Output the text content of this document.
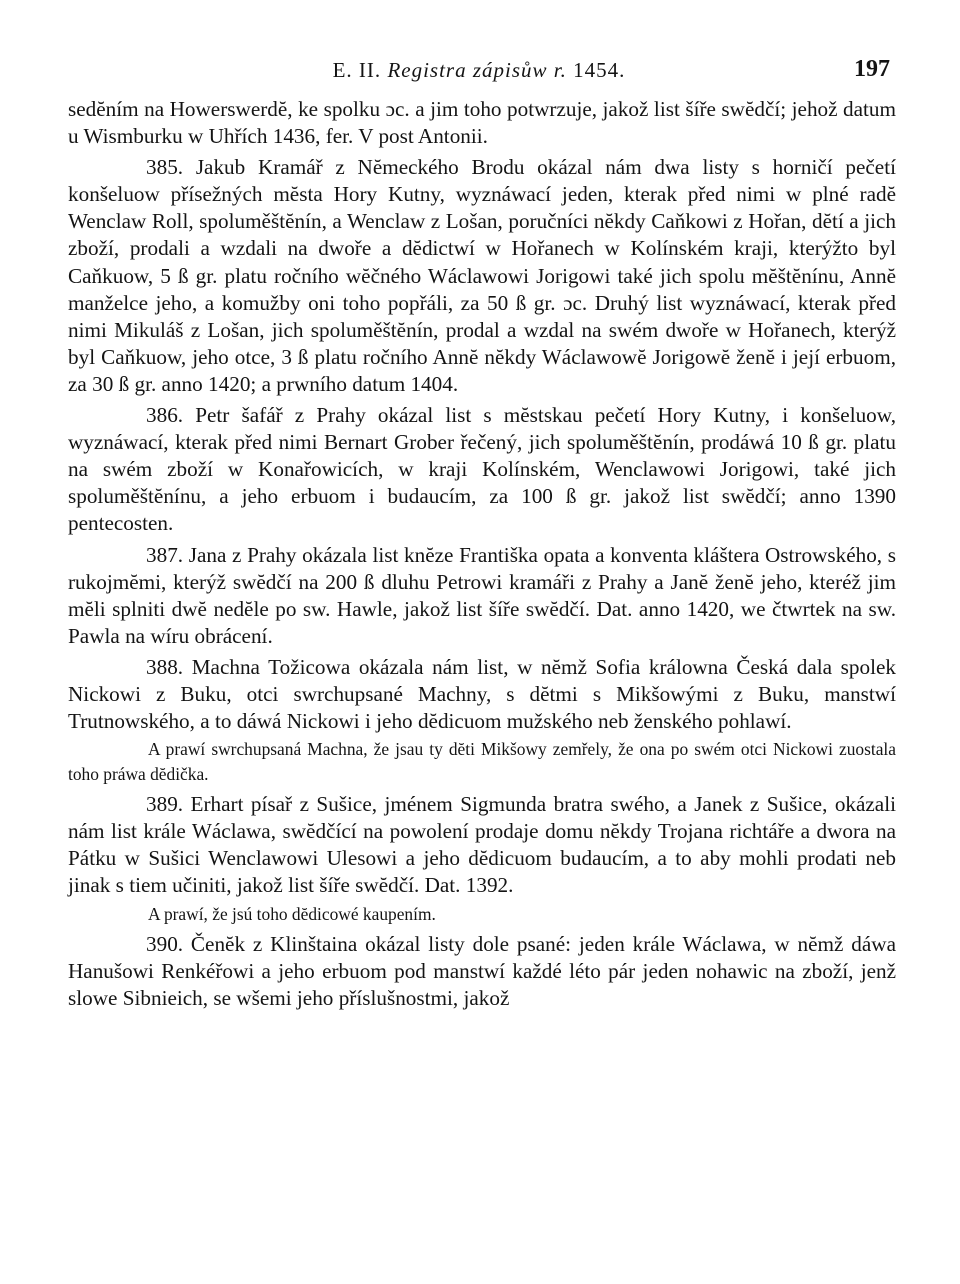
E. II. Registra zápisůw r. 1454.	197

sedĕním na Howerswerdĕ, ke spolku ɔc. a jim toho potwrzuje, jakož list šíře swĕdčí; jehož datum u Wismburku w Uhřích 1436, fer. V post Antonii.

385. Jakub Kramář z Nĕmeckého Brodu okázal nám dwa listy s horničí pečetí konšeluow přísežných mĕsta Hory Kutny, wyznáwací jeden, kterak před nimi w plné radĕ Wenclaw Roll, spoluměštĕnín, a Wenclaw z Lošan, poručníci nĕkdy Caňkowi z Hořan, dĕtí a jich zboží, prodali a wzdali na dwoře a dĕdictwí w Hořanech w Kolínském kraji, kterýžto byl Caňkuow, 5 ß gr. platu ročního wĕčného Wáclawowi Jorigowi také jich spolu mĕštĕnínu, Annĕ manželce jeho, a komužby oni toho popřáli, za 50 ß gr. ɔc. Druhý list wyznáwací, kterak před nimi Mikuláš z Lošan, jich spoluměštĕnín, prodal a wzdal na swém dwoře w Hořanech, kterýž byl Caňkuow, jeho otce, 3 ß platu ročního Annĕ nĕkdy Wáclawowĕ Jorigowĕ ženĕ i její erbuom, za 30 ß gr. anno 1420; a prwního datum 1404.

386. Petr šafář z Prahy okázal list s mĕstskau pečetí Hory Kutny, i konšeluow, wyznáwací, kterak před nimi Bernart Grober řečený, jich spoluměštĕnín, prodáwá 10 ß gr. platu na swém zboží w Konařowicích, w kraji Kolínském, Wenclawowi Jorigowi, také jich spoluměštĕnínu, a jeho erbuom i budaucím, za 100 ß gr. jakož list swĕdčí; anno 1390 pentecosten.

387. Jana z Prahy okázala list knĕze Františka opata a konventa kláštera Ostrowského, s rukojmĕmi, kterýž swĕdčí na 200 ß dluhu Petrowi kramáři z Prahy a Janĕ ženĕ jeho, kteréž jim mĕli splniti dwĕ nedĕle po sw. Hawle, jakož list šíře swĕdčí. Dat. anno 1420, we čtwrtek na sw. Pawla na wíru obrácení.

388. Machna Tožicowa okázala nám list, w nĕmž Sofia králowna Česká dala spolek Nickowi z Buku, otci swrchupsané Machny, s dĕtmi s Mikšowými z Buku, manstwí Trutnowského, a to dáwá Nickowi i jeho dĕdicuom mužského neb ženského pohlawí.

A prawí swrchupsaná Machna, že jsau ty dĕti Mikšowy zemřely, že ona po swém otci Nickowi zuostala toho práwa dĕdička.

389. Erhart písař z Sušice, jménem Sigmunda bratra swého, a Janek z Sušice, okázali nám list krále Wáclawa, swĕdčící na powolení prodaje domu nĕkdy Trojana richtáře a dwora na Pátku w Sušici Wenclawowi Ulesowi a jeho dĕdicuom budaucím, a to aby mohli prodati neb jinak s tiem učiniti, jakož list šíře swĕdčí. Dat. 1392.

A prawí, že jsú toho dĕdicowé kaupením.

390. Čenĕk z Klinštaina okázal listy dole psané: jeden krále Wáclawa, w nĕmž dáwa Hanušowi Renkéřowi a jeho erbuom pod manstwí každé léto pár jeden nohawic na zboží, jenž slowe Sibnieich, se wšemi jeho příslušnostmi, jakož
